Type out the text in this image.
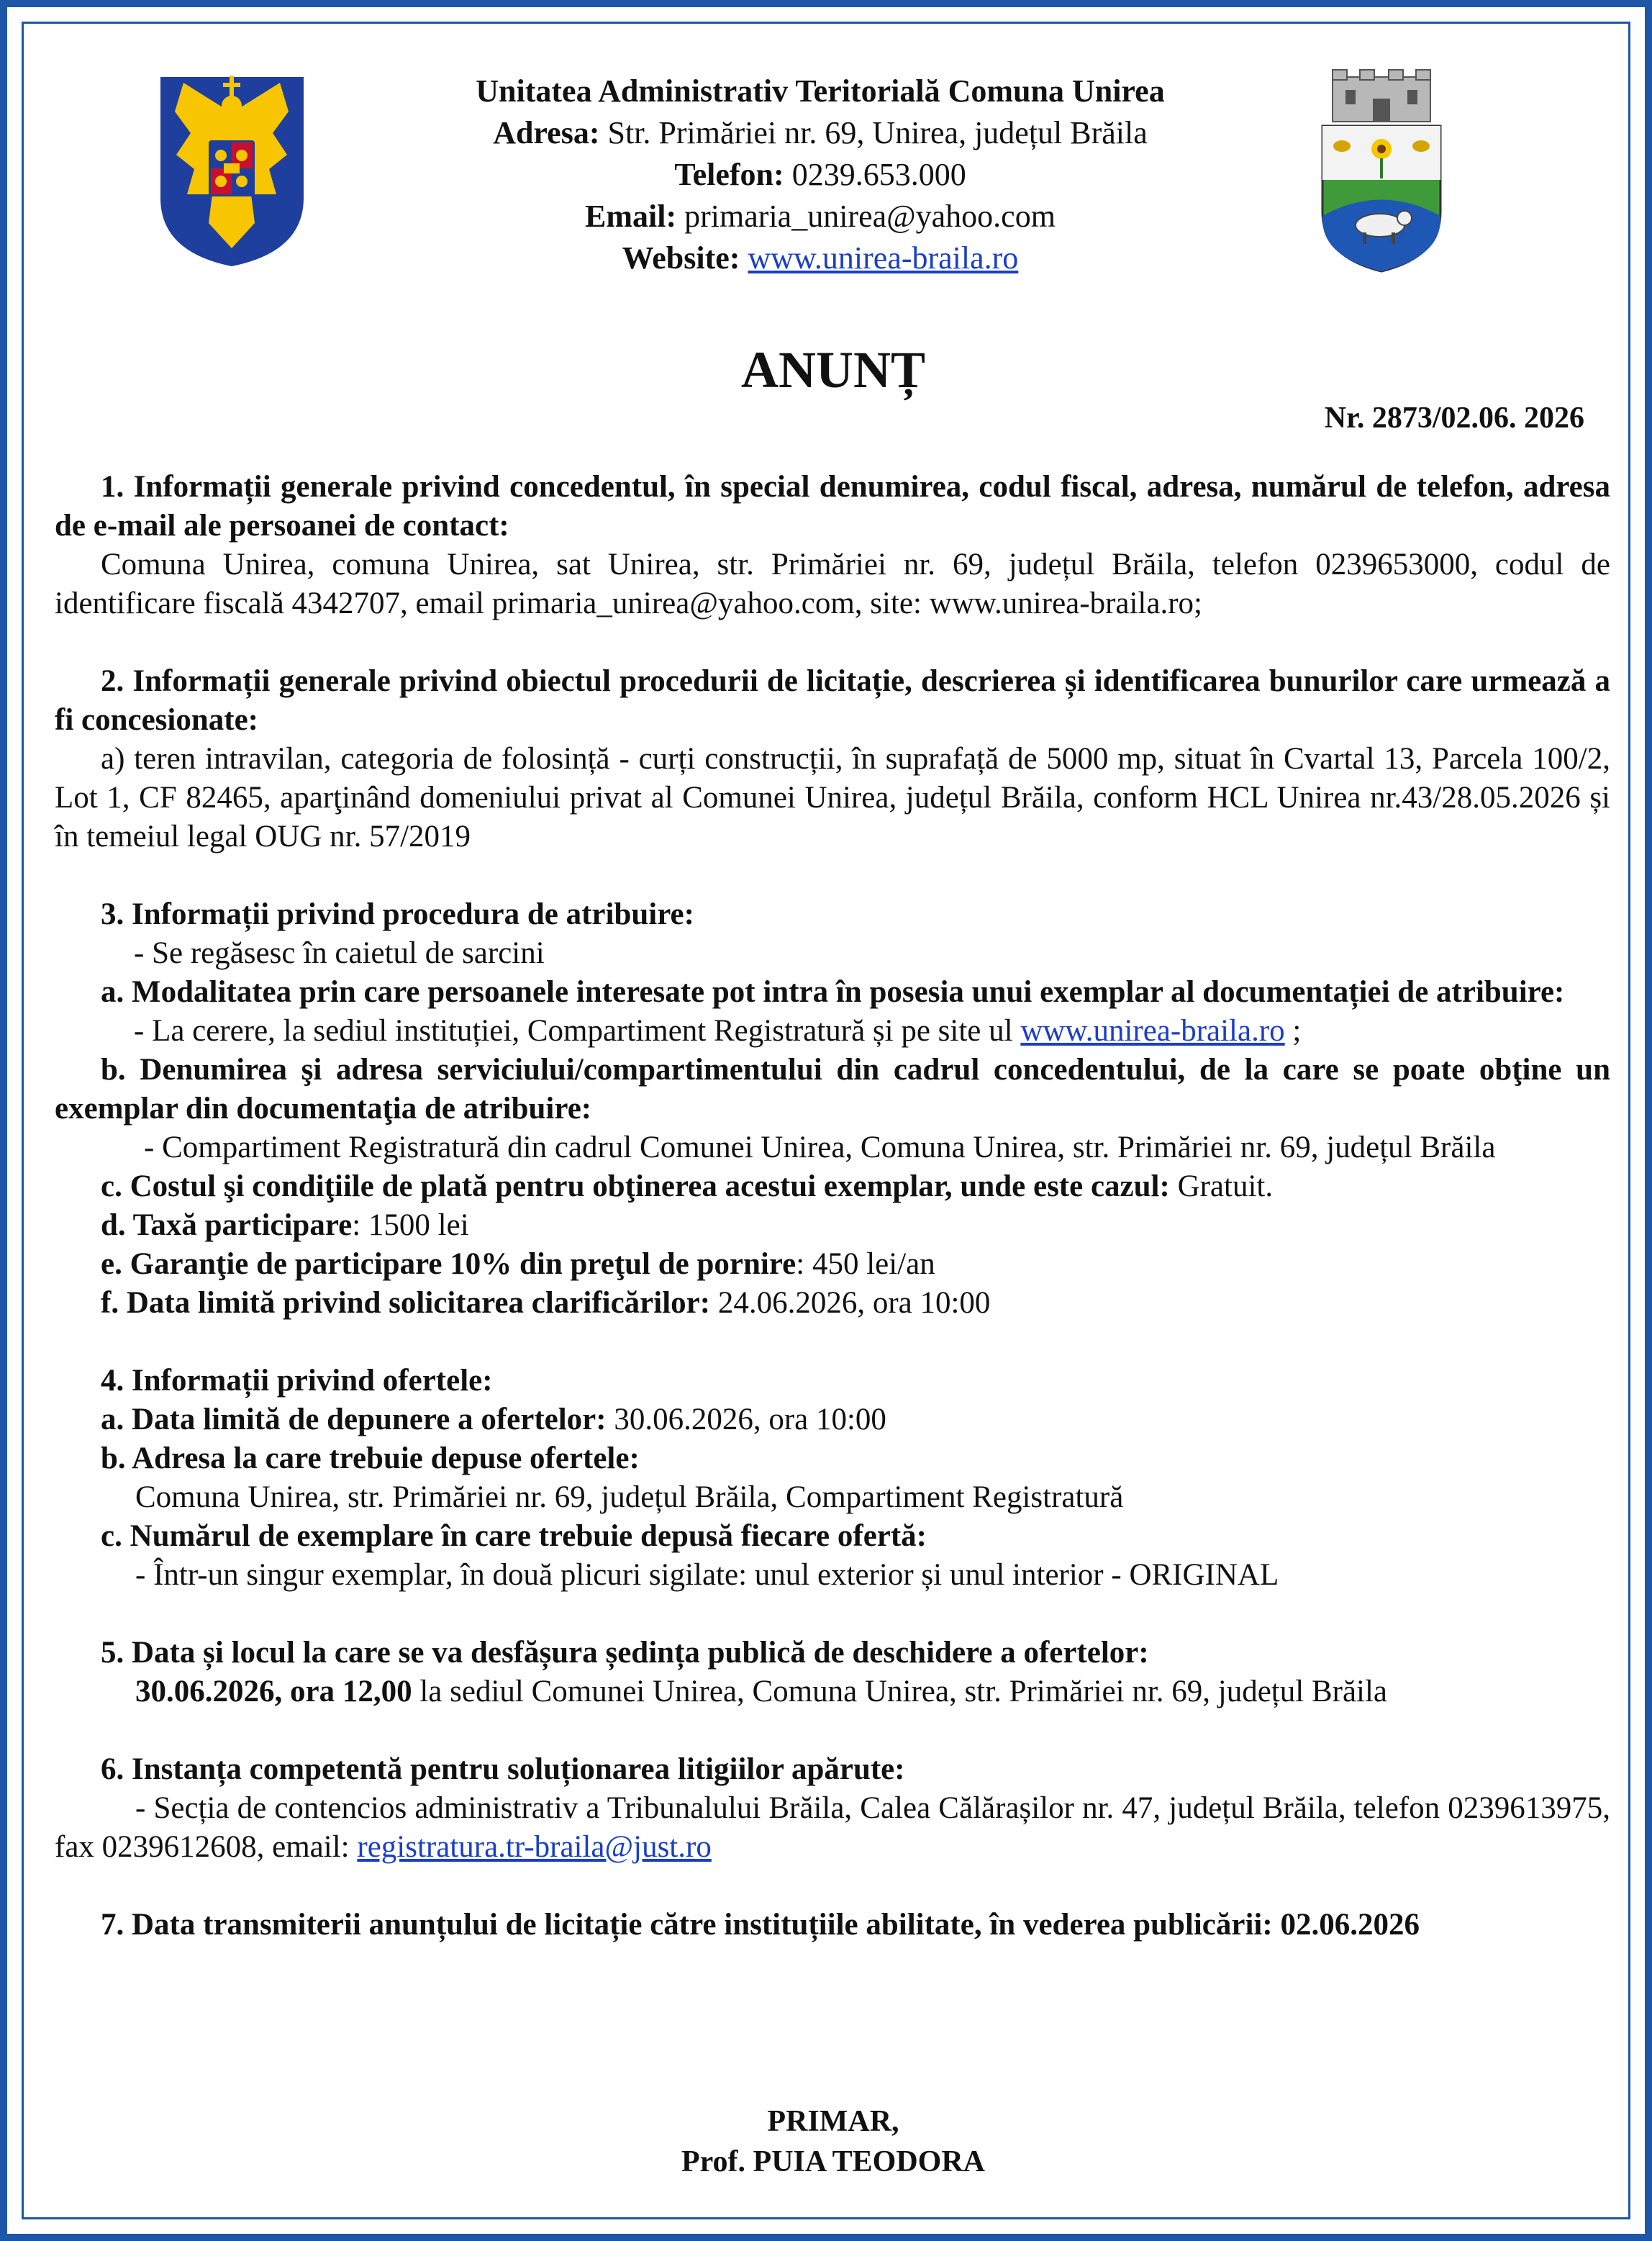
Unitatea Administrativ Teritorială Comuna Unirea
Adresa: Str. Primăriei nr. 69, Unirea, județul Brăila
Telefon: 0239.653.000
Email: primaria_unirea@yahoo.com
Website: www.unirea-braila.ro
ANUNȚ
Nr. 2873/02.06. 2026

1. Informații generale privind concedentul, în special denumirea, codul fiscal, adresa, numărul de telefon, adresa de e-mail ale persoanei de contact:

Comuna Unirea, comuna Unirea, sat Unirea, str. Primăriei nr. 69, județul Brăila, telefon 0239653000, codul de identificare fiscală 4342707, email primaria_unirea@yahoo.com, site: www.unirea-braila.ro;

2. Informații generale privind obiectul procedurii de licitație, descrierea și identificarea bunurilor care urmează a fi concesionate:

a) teren intravilan, categoria de folosință - curți construcții, în suprafață de 5000 mp, situat în Cvartal 13, Parcela 100/2, Lot 1, CF 82465, aparţinând domeniului privat al Comunei Unirea, județul Brăila, conform HCL Unirea nr.43/28.05.2026 și în temeiul legal OUG nr. 57/2019

3. Informații privind procedura de atribuire:

- Se regăsesc în caietul de sarcini

a. Modalitatea prin care persoanele interesate pot intra în posesia unui exemplar al documentației de atribuire:

- La cerere, la sediul instituției, Compartiment Registratură și pe site ul www.unirea-braila.ro ;

b. Denumirea şi adresa serviciului/compartimentului din cadrul concedentului, de la care se poate obţine un exemplar din documentaţia de atribuire:

- Compartiment Registratură din cadrul Comunei Unirea, Comuna Unirea, str. Primăriei nr. 69, județul Brăila

c. Costul şi condiţiile de plată pentru obţinerea acestui exemplar, unde este cazul: Gratuit.

d. Taxă participare: 1500 lei

e. Garanţie de participare 10% din preţul de pornire: 450 lei/an

f. Data limită privind solicitarea clarificărilor: 24.06.2026, ora 10:00

4. Informații privind ofertele:

a. Data limită de depunere a ofertelor: 30.06.2026, ora 10:00

b. Adresa la care trebuie depuse ofertele:

Comuna Unirea, str. Primăriei nr. 69, județul Brăila, Compartiment Registratură

c. Numărul de exemplare în care trebuie depusă fiecare ofertă:

- Într-un singur exemplar, în două plicuri sigilate: unul exterior și unul interior - ORIGINAL

5. Data și locul la care se va desfășura ședința publică de deschidere a ofertelor:

30.06.2026, ora 12,00 la sediul Comunei Unirea, Comuna Unirea, str. Primăriei nr. 69, județul Brăila

6. Instanța competentă pentru soluționarea litigiilor apărute:

- Secția de contencios administrativ a Tribunalului Brăila, Calea Călărașilor nr. 47, județul Brăila, telefon 0239613975, fax 0239612608, email: registratura.tr-braila@just.ro

7. Data transmiterii anunțului de licitație către instituțiile abilitate, în vederea publicării: 02.06.2026

PRIMAR,
Prof. PUIA TEODORA
